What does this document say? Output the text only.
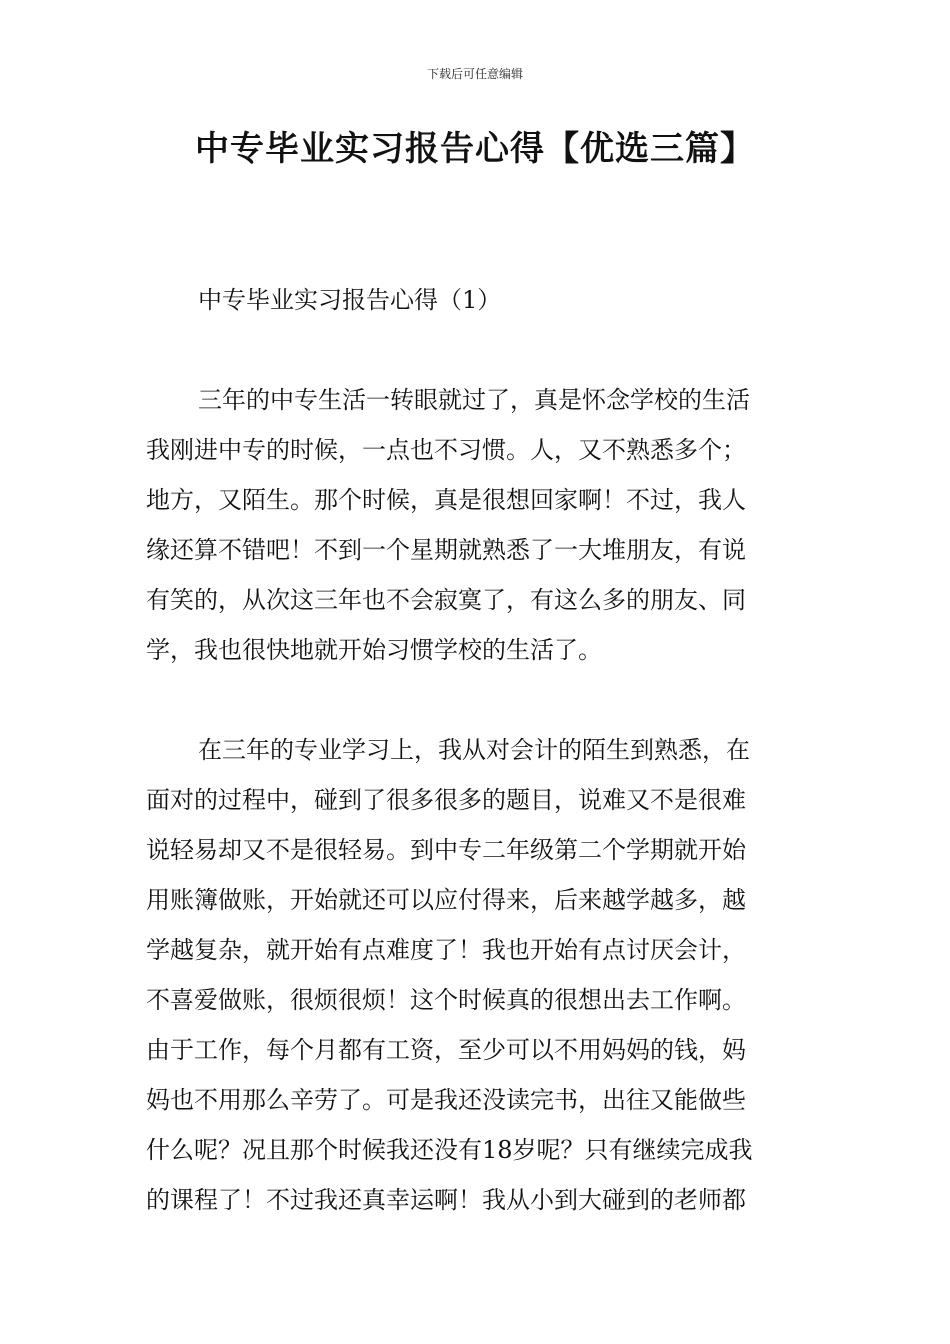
下载后可任意编辑
中专毕业实习报告心得【优选三篇】

中专毕业实习报告心得（1）

三年的中专生活一转眼就过了，真是怀念学校的生活
我刚进中专的时候，一点也不习惯。人，又不熟悉多个；
地方，又陌生。那个时候，真是很想回家啊！不过，我人
缘还算不错吧！不到一个星期就熟悉了一大堆朋友，有说
有笑的，从次这三年也不会寂寞了，有这么多的朋友、同
学，我也很快地就开始习惯学校的生活了。
在三年的专业学习上，我从对会计的陌生到熟悉，在
面对的过程中，碰到了很多很多的题目，说难又不是很难
说轻易却又不是很轻易。到中专二年级第二个学期就开始
用账簿做账，开始就还可以应付得来，后来越学越多，越
学越复杂，就开始有点难度了！我也开始有点讨厌会计，
不喜爱做账，很烦很烦！这个时候真的很想出去工作啊。
由于工作，每个月都有工资，至少可以不用妈妈的钱，妈
妈也不用那么辛劳了。可是我还没读完书，出往又能做些
什么呢？况且那个时候我还没有18岁呢？只有继续完成我
的课程了！不过我还真幸运啊！我从小到大碰到的老师都
